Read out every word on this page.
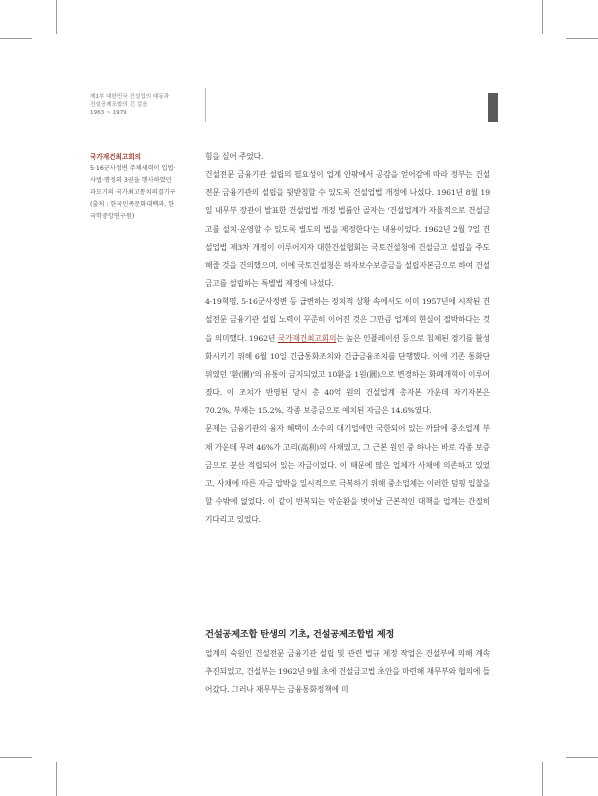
제1부 대한민국 건설업의 태동과
건설공제조합의 긴 걸음
1963 ~ 1979
국가재건최고회의
5·16군사정변 주체세력이 입법·
사법·행정의 3권을 행사하였던
과도기의 국가최고통치의결기구
(출처 : 한국민족문화대백과, 한
국학중앙연구원)

힘을 실어 주었다.

건설전문 금융기관 설립의 필요성이 업계 안팎에서 공감을 얻어감에 따라 정부는 건설전문 금융기관의 설립을 뒷받침할 수 있도록 건설업법 개정에 나섰다. 1961년 8월 19일 내무부 장관이 발표한 건설업법 개정 법률안 골자는 '건설업계가 자율적으로 건설금고를 설치·운영할 수 있도록 별도의 법을 제정한다'는 내용이었다. 1962년 2월 7일 건설업법 제3차 개정이 이루어지자 대한건설협회는 국토건설청에 건설금고 설립을 주도해줄 것을 건의했으며, 이에 국토건설청은 하자보수보증금을 설립자본금으로 하여 건설금고를 설립하는 특별법 제정에 나섰다.

4·19혁명, 5·16군사정변 등 급변하는 정치적 상황 속에서도 이미 1957년에 시작된 건설전문 금융기관 설립 노력이 꾸준히 이어진 것은 그만큼 업계의 현실이 절박하다는 것을 의미했다. 1962년 국가재건최고회의는 높은 인플레이션 등으로 침체된 경기를 활성화시키기 위해 6월 10일 긴급통화조치와 긴급금융조치를 단행했다. 이에 기존 통화단위였던 '환(圜)'의 유통이 금지되었고 10환을 1원(圓)으로 변경하는 화폐개혁이 이루어졌다. 이 조치가 반영된 당시 총 40억 원의 건설업계 총자본 가운데 자기자본은 70.2%, 부채는 15.2%, 각종 보증금으로 예치된 자금은 14.6%였다.

문제는 금융기관의 융자 혜택이 소수의 대기업에만 국한되어 있는 까닭에 중소업계 부채 가운데 무려 46%가 고리(高利)의 사채였고, 그 근본 원인 중 하나는 바로 각종 보증금으로 분산 적립되어 있는 자금이었다. 이 때문에 많은 업체가 사채에 의존하고 있었고, 사채에 따른 자금 압박을 일시적으로 극복하기 위해 중소업체는 이러한 덤핑 입찰을 할 수밖에 없었다. 이 같이 반복되는 악순환을 벗어날 근본적인 대책을 업계는 간절히 기다리고 있었다.

건설공제조합 탄생의 기초, 건설공제조합법 제정

업계의 숙원인 건설전문 금융기관 설립 및 관련 법규 제정 작업은 건설부에 의해 계속 추진되었고, 건설부는 1962년 9월 초에 건설금고법 초안을 마련해 재무부와 협의에 들어갔다. 그러나 재무부는 금융통화정책에 미
